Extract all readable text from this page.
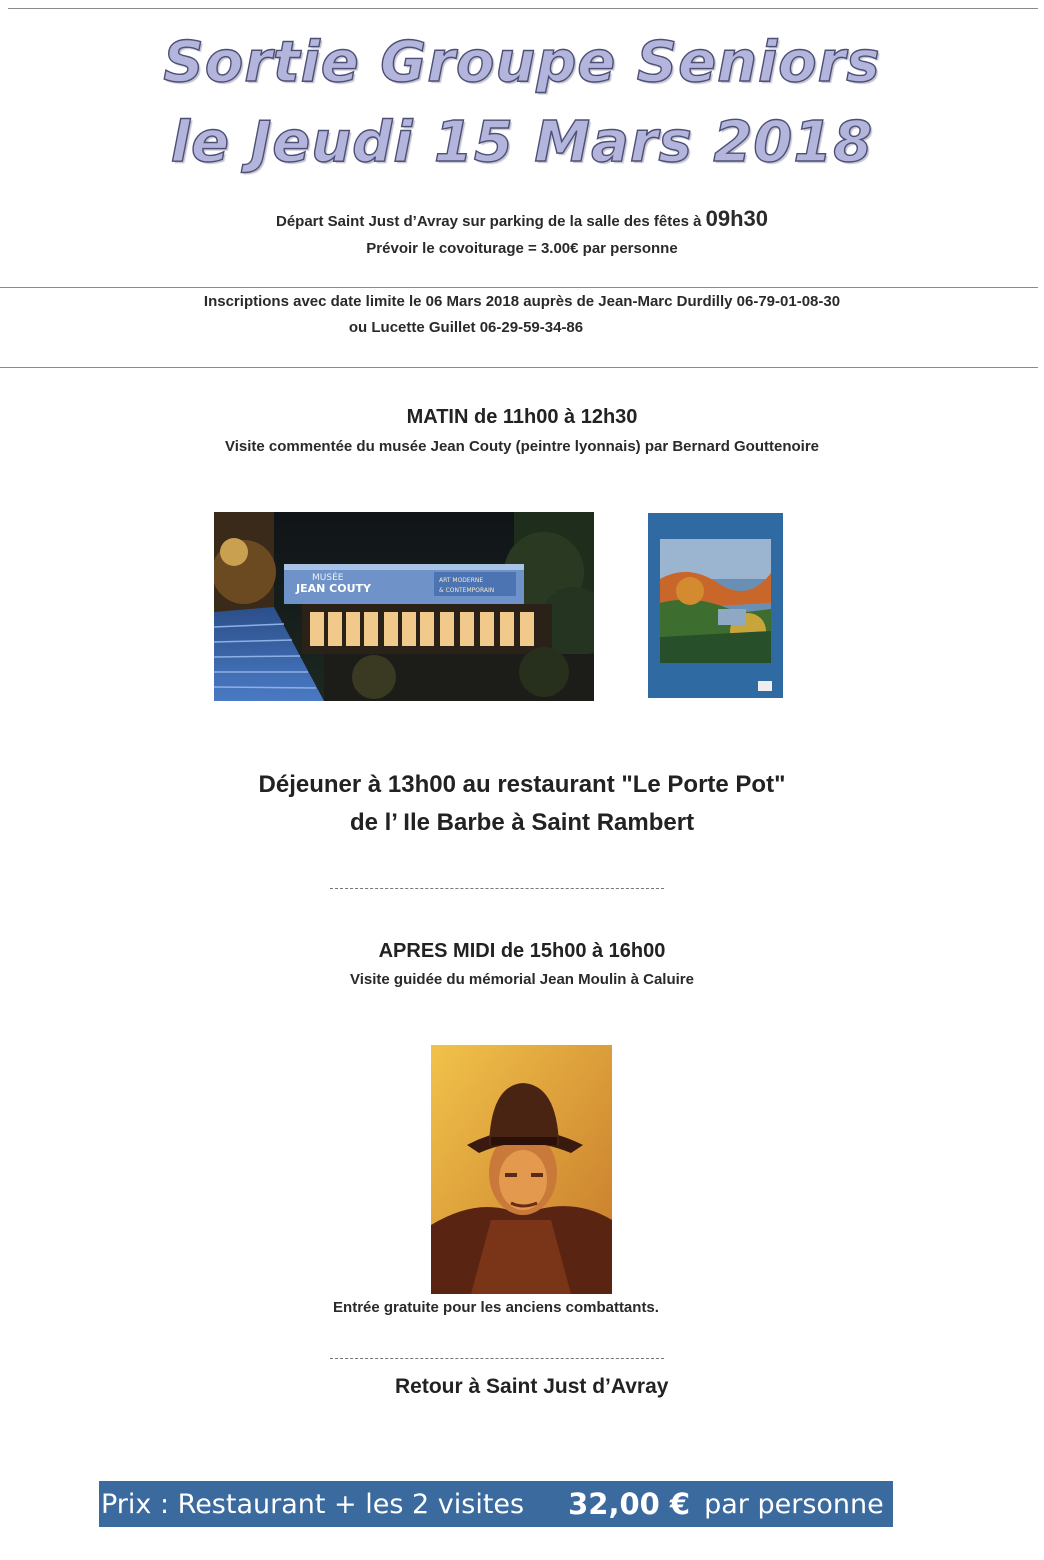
Sortie Groupe Seniors
le Jeudi 15 Mars 2018
Départ Saint Just d’Avray sur parking de la salle des fêtes à 09h30
Prévoir le covoiturage = 3.00€ par personne
Inscriptions avec date limite le 06 Mars 2018 auprès de Jean-Marc Durdilly 06-79-01-08-30
ou Lucette Guillet 06-29-59-34-86
MATIN de 11h00 à 12h30
Visite commentée du musée Jean Couty (peintre lyonnais) par Bernard Gouttenoire
MUSÉE
JEAN COUTY
ART MODERNE
& CONTEMPORAIN
Déjeuner à 13h00 au restaurant "Le Porte Pot"
de l’ Ile Barbe à Saint Rambert
APRES MIDI de 15h00 à 16h00
Visite guidée du mémorial Jean Moulin à Caluire
Entrée gratuite pour les anciens combattants.
Retour à Saint Just d’Avray
Prix : Restaurant + les 2 visites 32,00 € par personne
